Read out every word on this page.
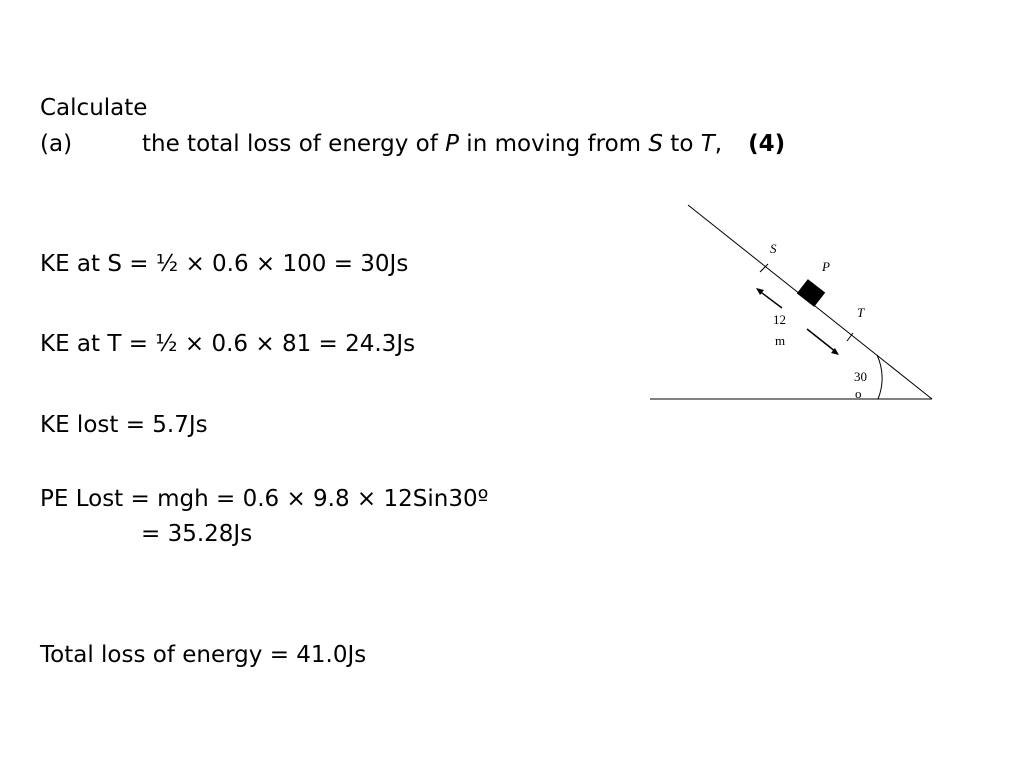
Calculate
(a)	the total loss of energy of P in moving from S to T, (4)
KE at S = ½ × 0.6 × 100 = 30Js
KE at T = ½ × 0.6 × 81 = 24.3Js
KE lost = 5.7Js
PE Lost = mgh = 0.6 × 9.8 × 12Sin30º
= 35.28Js
Total loss of energy = 41.0Js
S
P
T
12
m
30
o
